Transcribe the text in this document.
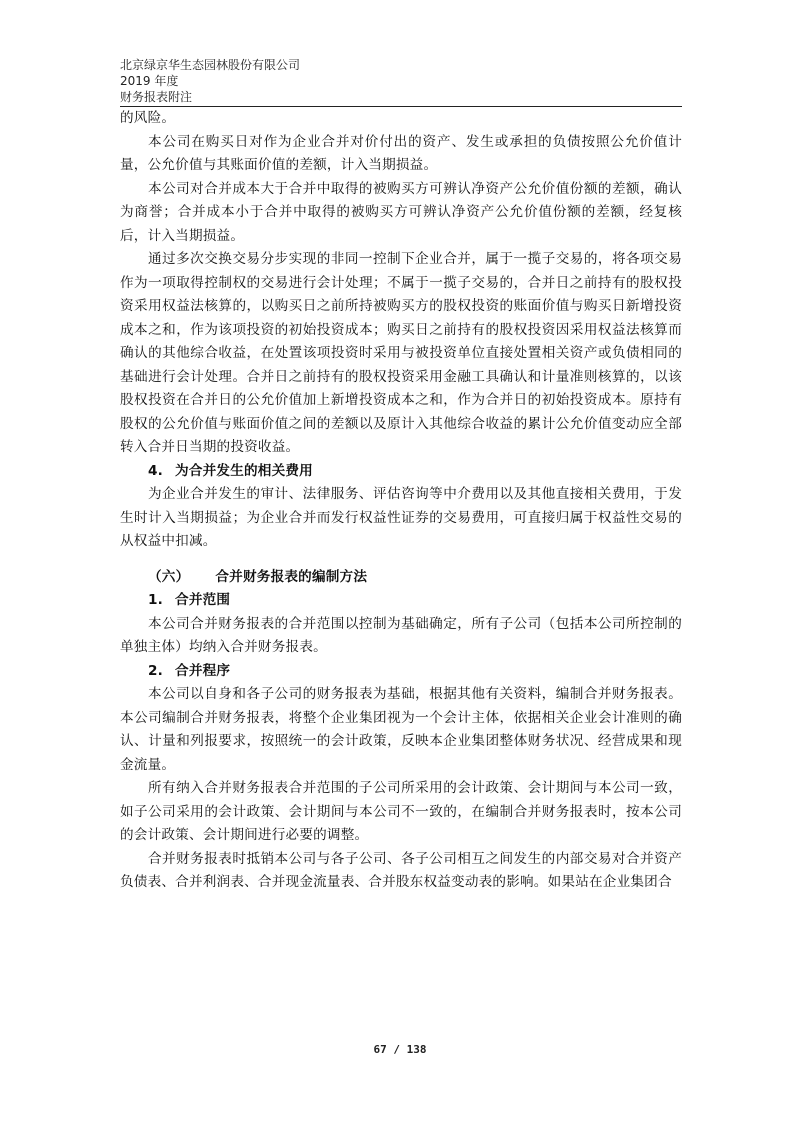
北京绿京华生态园林股份有限公司
2019 年度
财务报表附注

的风险。

本公司在购买日对作为企业合并对价付出的资产、发生或承担的负债按照公允价值计量，公允价值与其账面价值的差额，计入当期损益。

本公司对合并成本大于合并中取得的被购买方可辨认净资产公允价值份额的差额，确认为商誉；合并成本小于合并中取得的被购买方可辨认净资产公允价值份额的差额，经复核后，计入当期损益。

通过多次交换交易分步实现的非同一控制下企业合并，属于一揽子交易的，将各项交易作为一项取得控制权的交易进行会计处理；不属于一揽子交易的，合并日之前持有的股权投资采用权益法核算的，以购买日之前所持被购买方的股权投资的账面价值与购买日新增投资成本之和，作为该项投资的初始投资成本；购买日之前持有的股权投资因采用权益法核算而确认的其他综合收益，在处置该项投资时采用与被投资单位直接处置相关资产或负债相同的基础进行会计处理。合并日之前持有的股权投资采用金融工具确认和计量准则核算的，以该股权投资在合并日的公允价值加上新增投资成本之和，作为合并日的初始投资成本。原持有股权的公允价值与账面价值之间的差额以及原计入其他综合收益的累计公允价值变动应全部转入合并日当期的投资收益。

4. 为合并发生的相关费用

为企业合并发生的审计、法律服务、评估咨询等中介费用以及其他直接相关费用，于发生时计入当期损益；为企业合并而发行权益性证券的交易费用，可直接归属于权益性交易的从权益中扣减。

（六） 合并财务报表的编制方法
1. 合并范围

本公司合并财务报表的合并范围以控制为基础确定，所有子公司（包括本公司所控制的单独主体）均纳入合并财务报表。

2. 合并程序

本公司以自身和各子公司的财务报表为基础，根据其他有关资料，编制合并财务报表。本公司编制合并财务报表，将整个企业集团视为一个会计主体，依据相关企业会计准则的确认、计量和列报要求，按照统一的会计政策，反映本企业集团整体财务状况、经营成果和现金流量。

所有纳入合并财务报表合并范围的子公司所采用的会计政策、会计期间与本公司一致，如子公司采用的会计政策、会计期间与本公司不一致的，在编制合并财务报表时，按本公司的会计政策、会计期间进行必要的调整。

合并财务报表时抵销本公司与各子公司、各子公司相互之间发生的内部交易对合并资产负债表、合并利润表、合并现金流量表、合并股东权益变动表的影响。如果站在企业集团合

67 / 138
